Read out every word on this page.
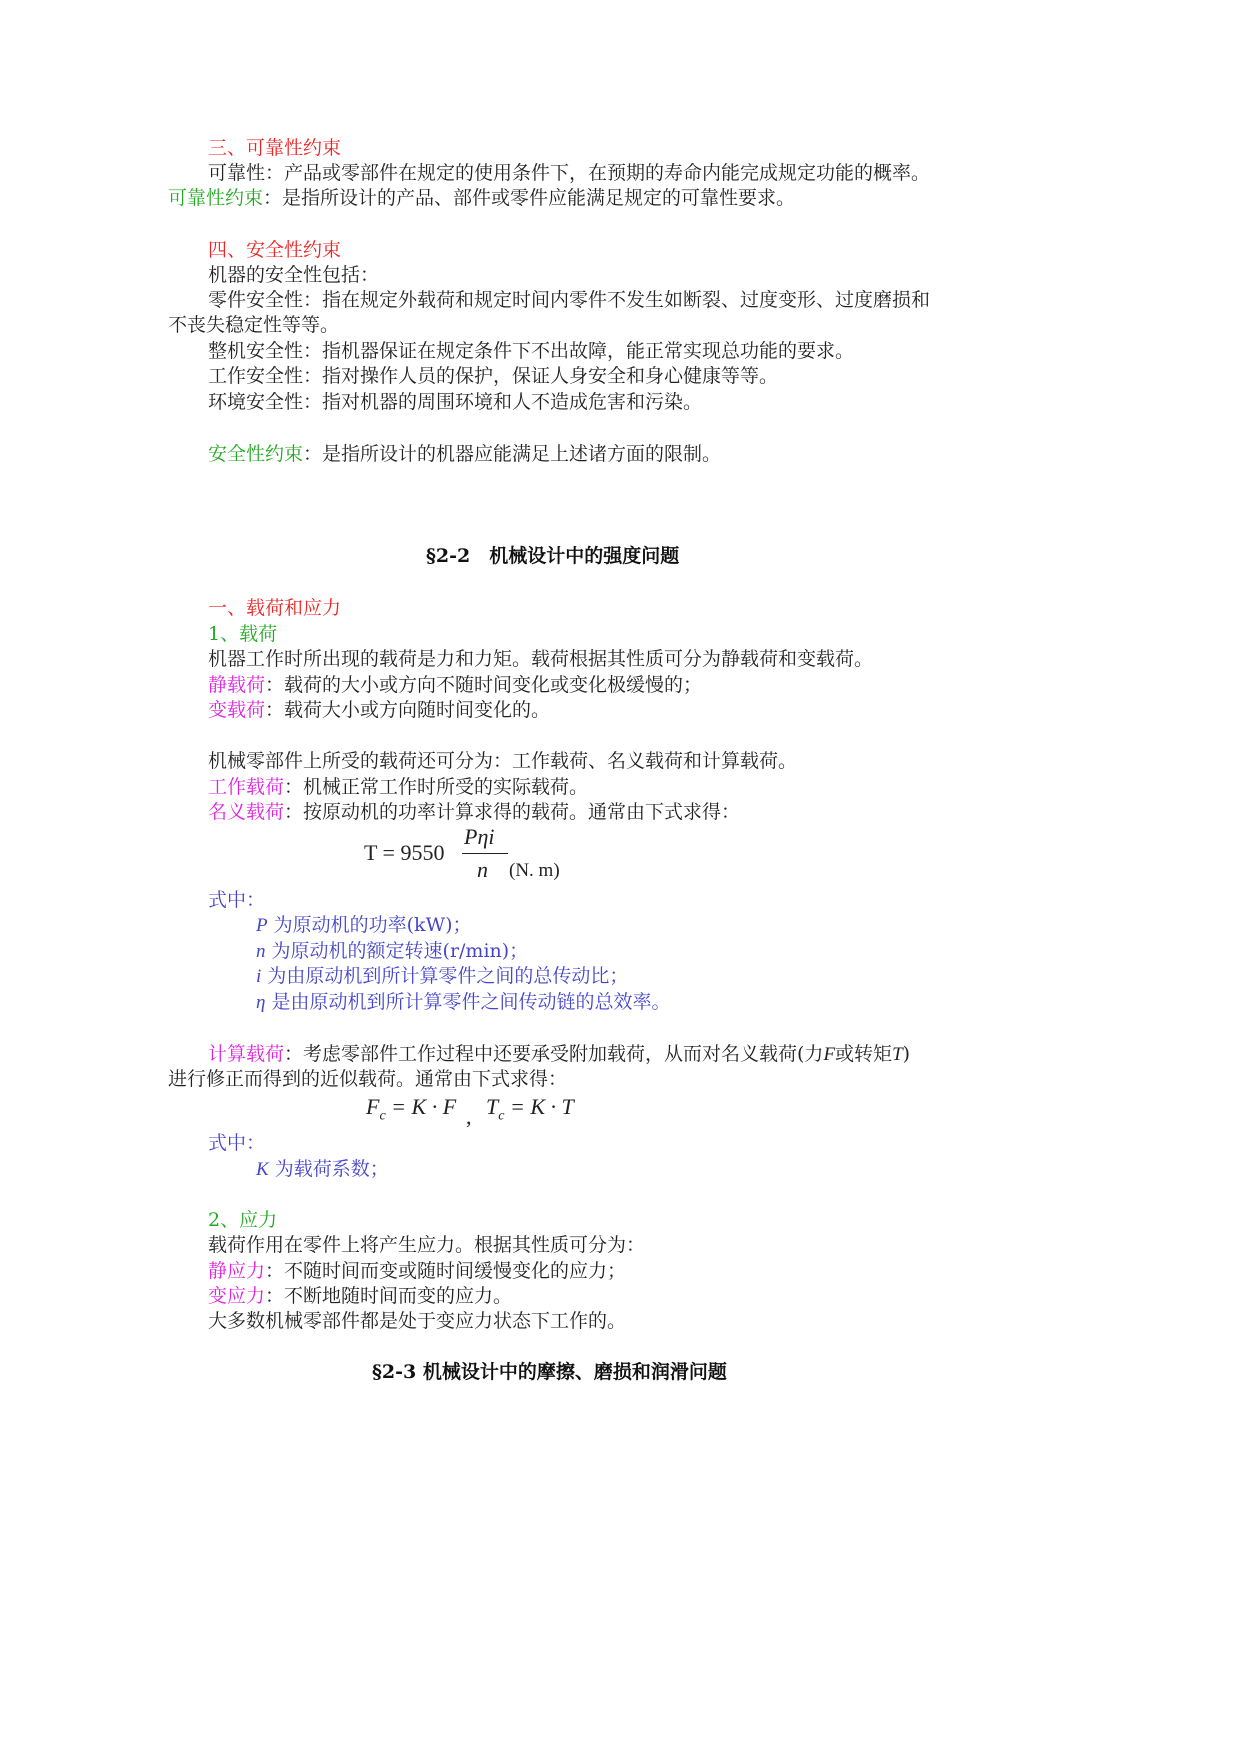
三、可靠性约束
可靠性：产品或零部件在规定的使用条件下，在预期的寿命内能完成规定功能的概率。
可靠性约束：是指所设计的产品、部件或零件应能满足规定的可靠性要求。
四、安全性约束
机器的安全性包括：
零件安全性：指在规定外载荷和规定时间内零件不发生如断裂、过度变形、过度磨损和
不丧失稳定性等等。
整机安全性：指机器保证在规定条件下不出故障，能正常实现总功能的要求。
工作安全性：指对操作人员的保护，保证人身安全和身心健康等等。
环境安全性：指对机器的周围环境和人不造成危害和污染。
安全性约束：是指所设计的机器应能满足上述诸方面的限制。
§2-2　机械设计中的强度问题
一、载荷和应力
1、载荷
机器工作时所出现的载荷是力和力矩。载荷根据其性质可分为静载荷和变载荷。
静载荷：载荷的大小或方向不随时间变化或变化极缓慢的；
变载荷：载荷大小或方向随时间变化的。
机械零部件上所受的载荷还可分为：工作载荷、名义载荷和计算载荷。
工作载荷：机械正常工作时所受的实际载荷。
名义载荷：按原动机的功率计算求得的载荷。通常由下式求得：
T = 9550
Pηi
n (N. m)
式中：
P 为原动机的功率(kW)；
n 为原动机的额定转速(r/min)；
i 为由原动机到所计算零件之间的总传动比；
η 是由原动机到所计算零件之间传动链的总效率。
计算载荷：考虑零部件工作过程中还要承受附加载荷，从而对名义载荷(力F或转矩T)
进行修正而得到的近似载荷。通常由下式求得：
$F_c = K \cdot F$ , $T_c = K \cdot T$
式中：
K 为载荷系数；
2、应力
载荷作用在零件上将产生应力。根据其性质可分为：
静应力：不随时间而变或随时间缓慢变化的应力；
变应力：不断地随时间而变的应力。
大多数机械零部件都是处于变应力状态下工作的。
§2-3 机械设计中的摩擦、磨损和润滑问题
